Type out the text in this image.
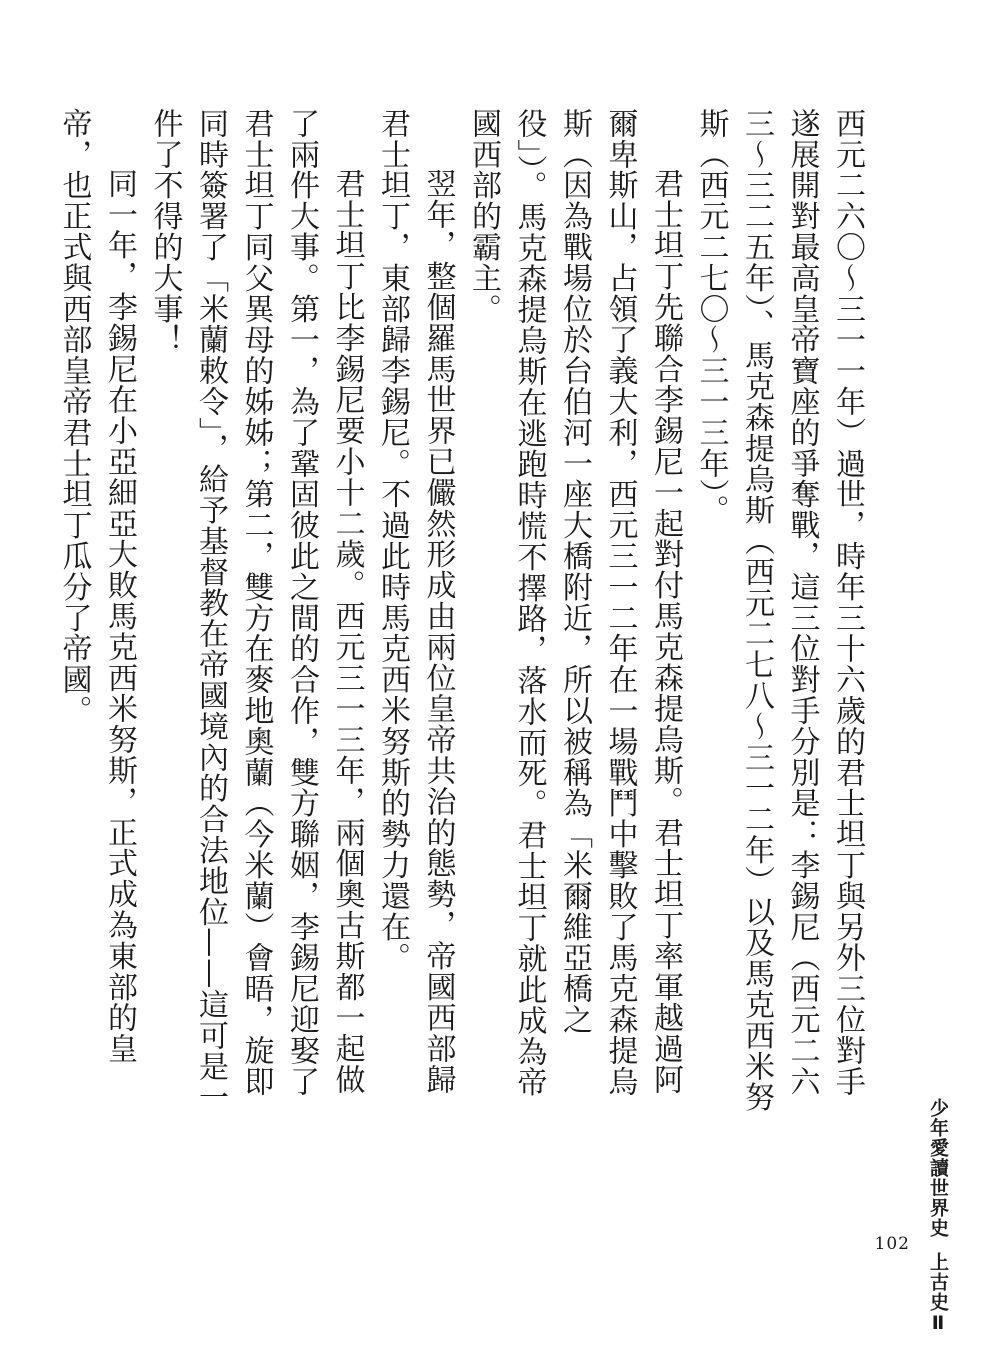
西元二六〇～三一一年）過世，時年三十六歲的君士坦丁與另外三位對手遂展開對最高皇帝寶座的爭奪戰，這三位對手分別是：李錫尼（西元二六三～三二五年）、馬克森提烏斯（西元二七八～三一二年）以及馬克西米努斯（西元二七〇～三一三年）。

君士坦丁先聯合李錫尼一起對付馬克森提烏斯。君士坦丁率軍越過阿爾卑斯山，占領了義大利，西元三一二年在一場戰鬥中擊敗了馬克森提烏斯（因為戰場位於台伯河一座大橋附近，所以被稱為「米爾維亞橋之役」）。馬克森提烏斯在逃跑時慌不擇路，落水而死。君士坦丁就此成為帝國西部的霸主。

翌年，整個羅馬世界已儼然形成由兩位皇帝共治的態勢，帝國西部歸君士坦丁，東部歸李錫尼。不過此時馬克西米努斯的勢力還在。

君士坦丁比李錫尼要小十二歲。西元三一三年，兩個奧古斯都一起做了兩件大事。第一，為了鞏固彼此之間的合作，雙方聯姻，李錫尼迎娶了君士坦丁同父異母的姊姊；第二，雙方在麥地奧蘭（今米蘭）會晤，旋即同時簽署了「米蘭敕令」，給予基督教在帝國境內的合法地位——這可是一件了不得的大事！

同一年，李錫尼在小亞細亞大敗馬克西米努斯，正式成為東部的皇帝，也正式與西部皇帝君士坦丁瓜分了帝國。

少年愛讀世界史上古史Ⅱ
102
